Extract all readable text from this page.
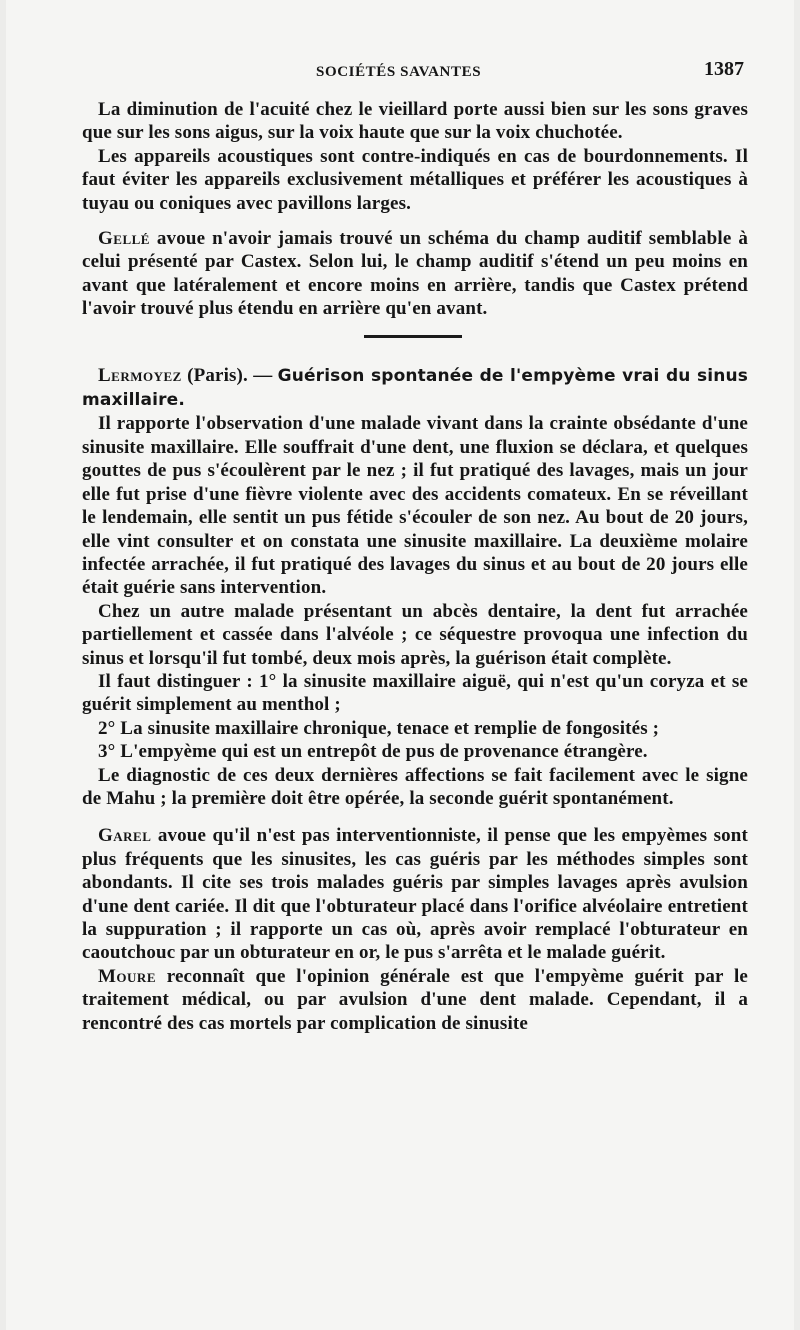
SOCIÉTÉS SAVANTES	1387

La diminution de l'acuité chez le vieillard porte aussi bien sur les sons graves que sur les sons aigus, sur la voix haute que sur la voix chuchotée.

Les appareils acoustiques sont contre-indiqués en cas de bourdonnements. Il faut éviter les appareils exclusivement métalliques et préférer les acoustiques à tuyau ou coniques avec pavillons larges.

Gellé avoue n'avoir jamais trouvé un schéma du champ auditif semblable à celui présenté par Castex. Selon lui, le champ auditif s'étend un peu moins en avant que latéralement et encore moins en arrière, tandis que Castex prétend l'avoir trouvé plus étendu en arrière qu'en avant.

Lermoyez (Paris). — Guérison spontanée de l'empyème vrai du sinus maxillaire.

Il rapporte l'observation d'une malade vivant dans la crainte obsédante d'une sinusite maxillaire. Elle souffrait d'une dent, une fluxion se déclara, et quelques gouttes de pus s'écoulèrent par le nez ; il fut pratiqué des lavages, mais un jour elle fut prise d'une fièvre violente avec des accidents comateux. En se réveillant le lendemain, elle sentit un pus fétide s'écouler de son nez. Au bout de 20 jours, elle vint consulter et on constata une sinusite maxillaire. La deuxième molaire infectée arrachée, il fut pratiqué des lavages du sinus et au bout de 20 jours elle était guérie sans intervention.

Chez un autre malade présentant un abcès dentaire, la dent fut arrachée partiellement et cassée dans l'alvéole ; ce séquestre provoqua une infection du sinus et lorsqu'il fut tombé, deux mois après, la guérison était complète.

Il faut distinguer : 1° la sinusite maxillaire aiguë, qui n'est qu'un coryza et se guérit simplement au menthol ;

2° La sinusite maxillaire chronique, tenace et remplie de fongosités ;

3° L'empyème qui est un entrepôt de pus de provenance étrangère.

Le diagnostic de ces deux dernières affections se fait facilement avec le signe de Mahu ; la première doit être opérée, la seconde guérit spontanément.

Garel avoue qu'il n'est pas interventionniste, il pense que les empyèmes sont plus fréquents que les sinusites, les cas guéris par les méthodes simples sont abondants. Il cite ses trois malades guéris par simples lavages après avulsion d'une dent cariée. Il dit que l'obturateur placé dans l'orifice alvéolaire entretient la suppuration ; il rapporte un cas où, après avoir remplacé l'obturateur en caoutchouc par un obturateur en or, le pus s'arrêta et le malade guérit.

Moure reconnaît que l'opinion générale est que l'empyème guérit par le traitement médical, ou par avulsion d'une dent malade. Cependant, il a rencontré des cas mortels par complication de sinusite
